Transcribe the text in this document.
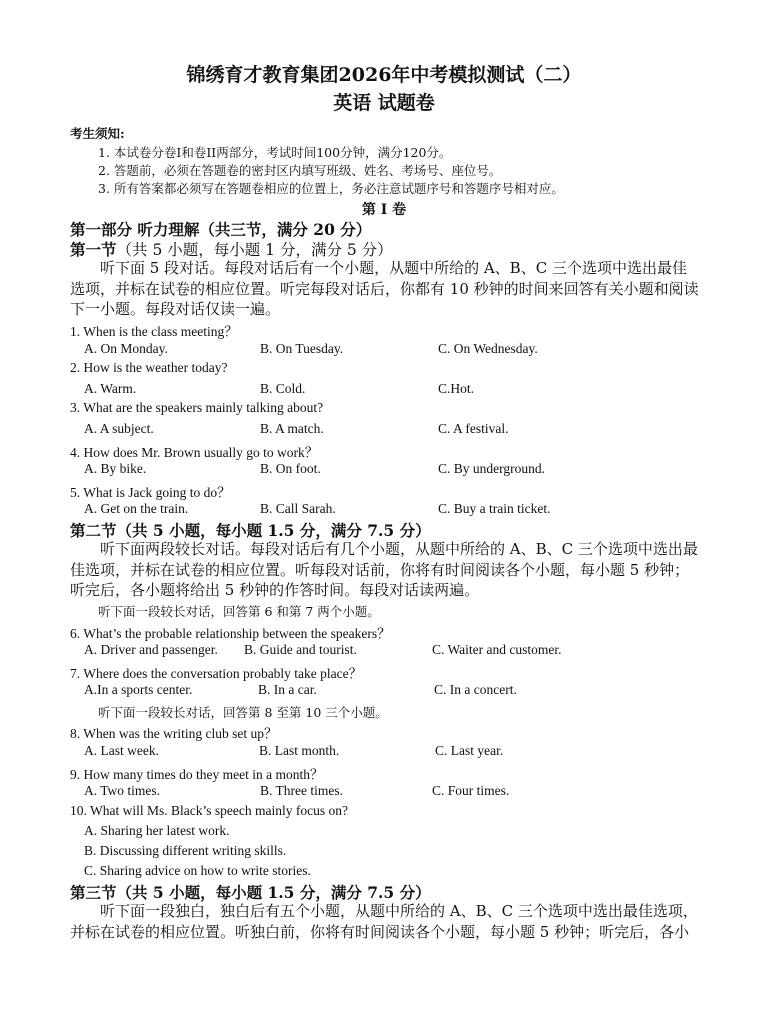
锦绣育才教育集团2026年中考模拟测试（二）
英语 试题卷
考生须知:
1. 本试卷分卷I和卷II两部分，考试时间100分钟，满分120分。
2. 答题前，必须在答题卷的密封区内填写班级、姓名、考场号、座位号。
3. 所有答案都必须写在答题卷相应的位置上，务必注意试题序号和答题序号相对应。
第 I 卷
第一部分 听力理解（共三节，满分 20 分）
第一节（共 5 小题，每小题 1 分，满分 5 分）
听下面 5 段对话。每段对话后有一个小题，从题中所给的 A、B、C 三个选项中选出最佳选项，并标在试卷的相应位置。听完每段对话后，你都有 10 秒钟的时间来回答有关小题和阅读下一小题。每段对话仅读一遍。
1. When is the class meeting？
A. On Monday.	B. On Tuesday.	C. On Wednesday.
2. How is the weather today?
A. Warm.	B. Cold.	C.Hot.
3. What are the speakers mainly talking about?
A. A subject.	B. A match.	C. A festival.
4. How does Mr. Brown usually go to work？
A. By bike.	B. On foot.	C. By underground.
5. What is Jack going to do？
A. Get on the train.	B. Call Sarah.	C. Buy a train ticket.
第二节（共 5 小题，每小题 1.5 分，满分 7.5 分）
听下面两段较长对话。每段对话后有几个小题，从题中所给的 A、B、C 三个选项中选出最佳选项，并标在试卷的相应位置。听每段对话前，你将有时间阅读各个小题，每小题 5 秒钟；听完后，各小题将给出 5 秒钟的作答时间。每段对话读两遍。
听下面一段较长对话，回答第 6 和第 7 两个小题。
6. What’s the probable relationship between the speakers？
A. Driver and passenger. B. Guide and tourist.	C. Waiter and customer.
7. Where does the conversation probably take place？
A.In a sports center.	B. In a car.	C. In a concert.
听下面一段较长对话，回答第 8 至第 10 三个小题。
8. When was the writing club set up？
A. Last week.	B. Last month.	C. Last year.
9. How many times do they meet in a month？
A. Two times.	B. Three times.	C. Four times.
10. What will Ms. Black’s speech mainly focus on?
A. Sharing her latest work.
B. Discussing different writing skills.
C. Sharing advice on how to write stories.
第三节（共 5 小题，每小题 1.5 分，满分 7.5 分）
听下面一段独白，独白后有五个小题，从题中所给的 A、B、C 三个选项中选出最佳选项，并标在试卷的相应位置。听独白前，你将有时间阅读各个小题，每小题 5 秒钟；听完后，各小
